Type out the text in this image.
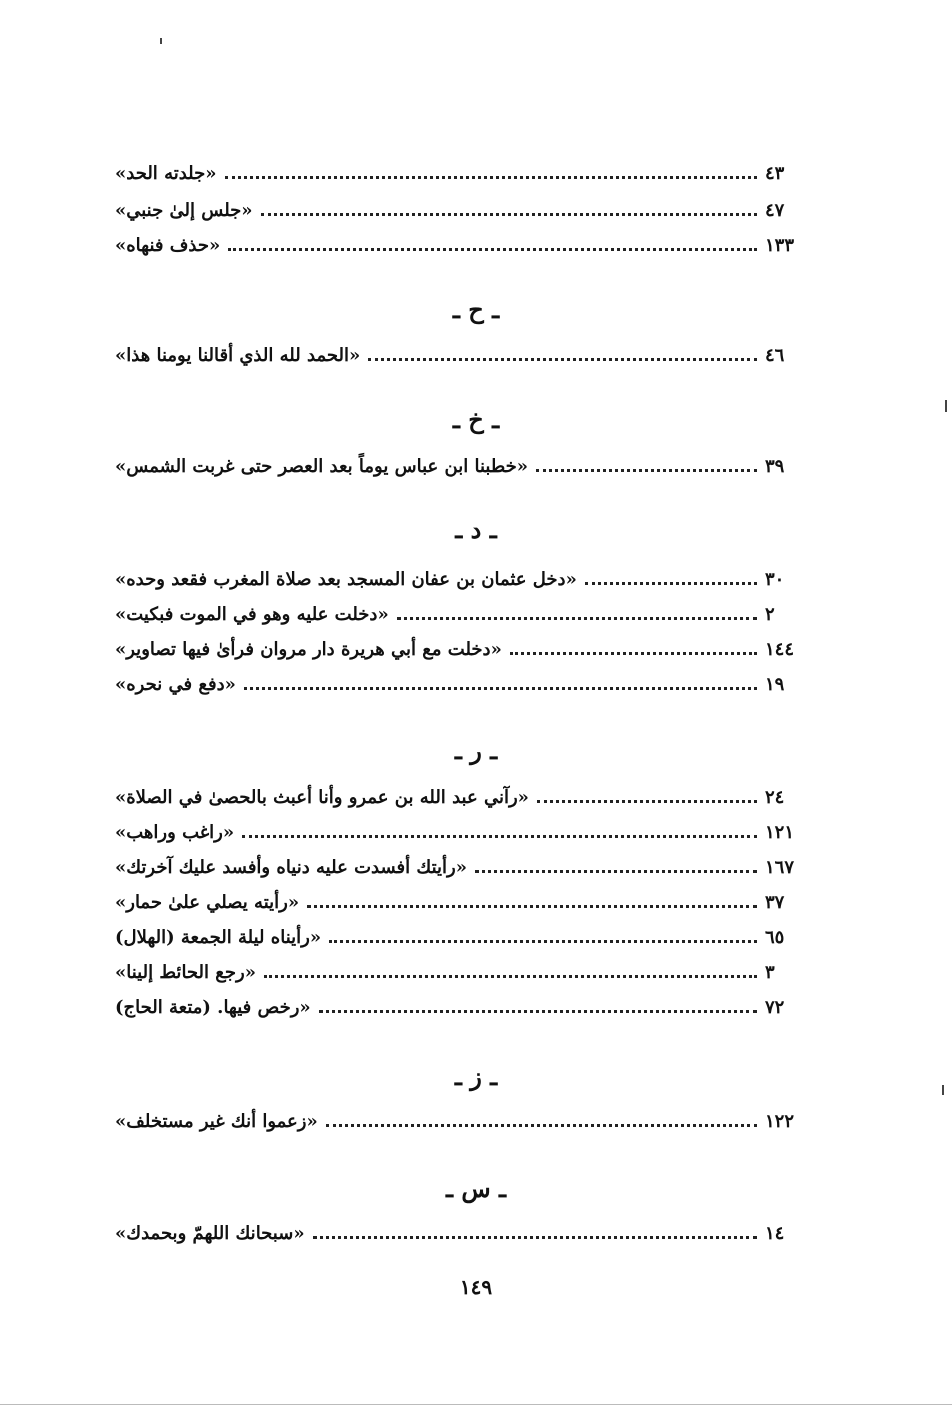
٤٣
«جلدته الحد»
٤٧
«جلس إلىٰ جنبي»
١٣٣
«حذف فنهاه»
ـ ح ـ
٤٦
«الحمد لله الذي أقالنا يومنا هذا»
ـ خ ـ
٣٩
«خطبنا ابن عباس يوماً بعد العصر حتى غربت الشمس»
ـ د ـ
٣٠
«دخل عثمان بن عفان المسجد بعد صلاة المغرب فقعد وحده»
٢
«دخلت عليه وهو في الموت فبكيت»
١٤٤
«دخلت مع أبي هريرة دار مروان فرأىٰ فيها تصاوير»
١٩
«دفع في نحره»
ـ ر ـ
٢٤
«رآني عبد الله بن عمرو وأنا أعبث بالحصىٰ في الصلاة»
١٢١
«راغب وراهب»
١٦٧
«رأيتك أفسدت عليه دنياه وأفسد عليك آخرتك»
٣٧
«رأيته يصلي علىٰ حمار»
٦٥
«رأيناه ليلة الجمعة (الهلال)
٣
«رجع الحائط إلينا»
٧٢
«رخص فيها. (متعة الحاج)
ـ ز ـ
١٢٢
«زعموا أنك غير مستخلف»
ـ س ـ
١٤
«سبحانك اللهمّ وبحمدك»
١٤٩
